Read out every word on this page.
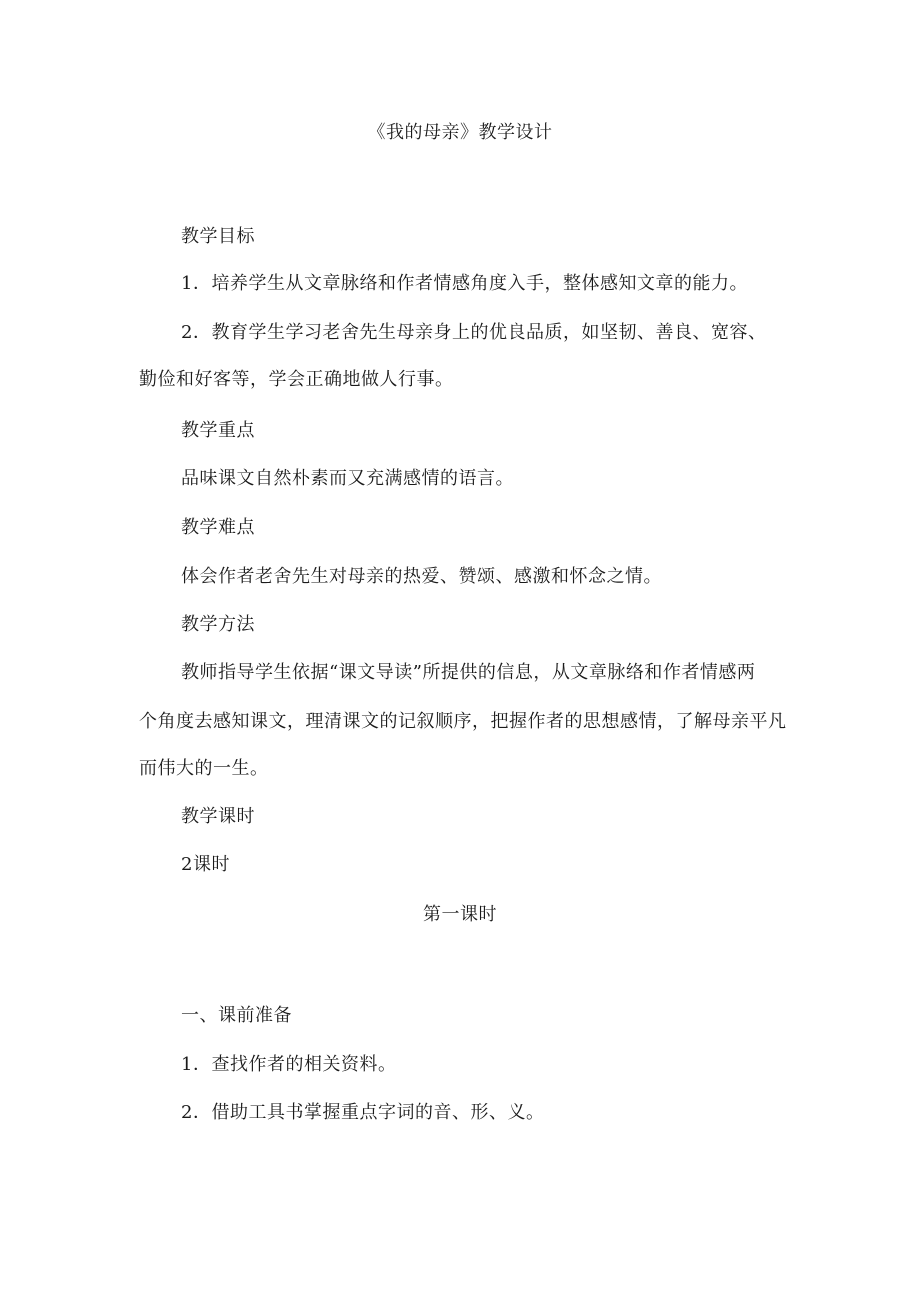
《我的母亲》教学设计
教学目标
1．培养学生从文章脉络和作者情感角度入手，整体感知文章的能力。
2．教育学生学习老舍先生母亲身上的优良品质，如坚韧、善良、宽容、
勤俭和好客等，学会正确地做人行事。
教学重点
品味课文自然朴素而又充满感情的语言。
教学难点
体会作者老舍先生对母亲的热爱、赞颂、感激和怀念之情。
教学方法
教师指导学生依据“课文导读”所提供的信息，从文章脉络和作者情感两
个角度去感知课文，理清课文的记叙顺序，把握作者的思想感情，了解母亲平凡
而伟大的一生。
教学课时
2课时
第一课时
一、课前准备
1．查找作者的相关资料。
2．借助工具书掌握重点字词的音、形、义。
